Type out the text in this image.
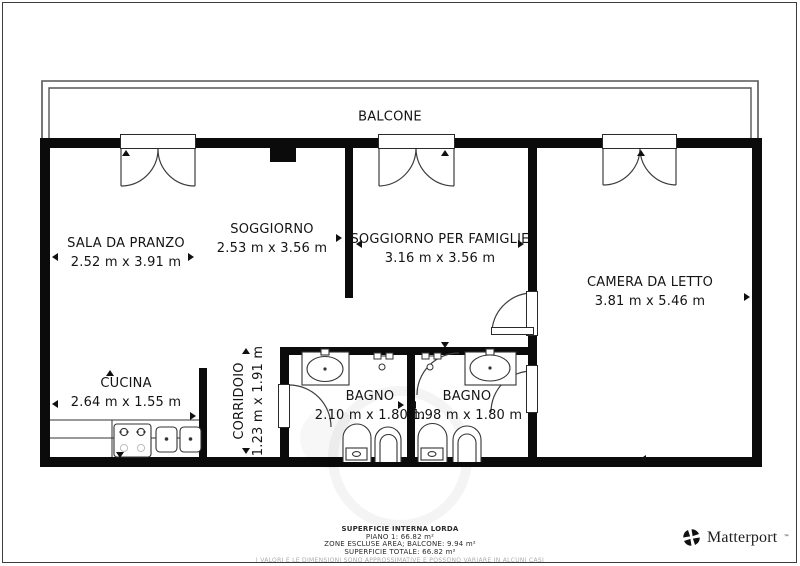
BALCONE
SALA DA PRANZO
2.52 m x 3.91 m
SOGGIORNO
2.53 m x 3.56 m
SOGGIORNO PER FAMIGLIE
3.16 m x 3.56 m
CAMERA DA LETTO
3.81 m x 5.46 m
CUCINA
2.64 m x 1.55 m	CORRIDOIO 1.23 m x 1.91 m	BAGNO
2.10 m x 1.80 m
BAGNO
1.98 m x 1.80 m
SUPERFICIE INTERNA LORDA
PIANO 1: 66.82 m²
ZONE ESCLUSE AREA; BALCONE: 9.94 m²
SUPERFICIE TOTALE: 66.82 m²
I VALORI E LE DIMENSIONI SONO APPROSSIMATIVE E POSSONO VARIARE IN ALCUNI CASI
Matterport ™
